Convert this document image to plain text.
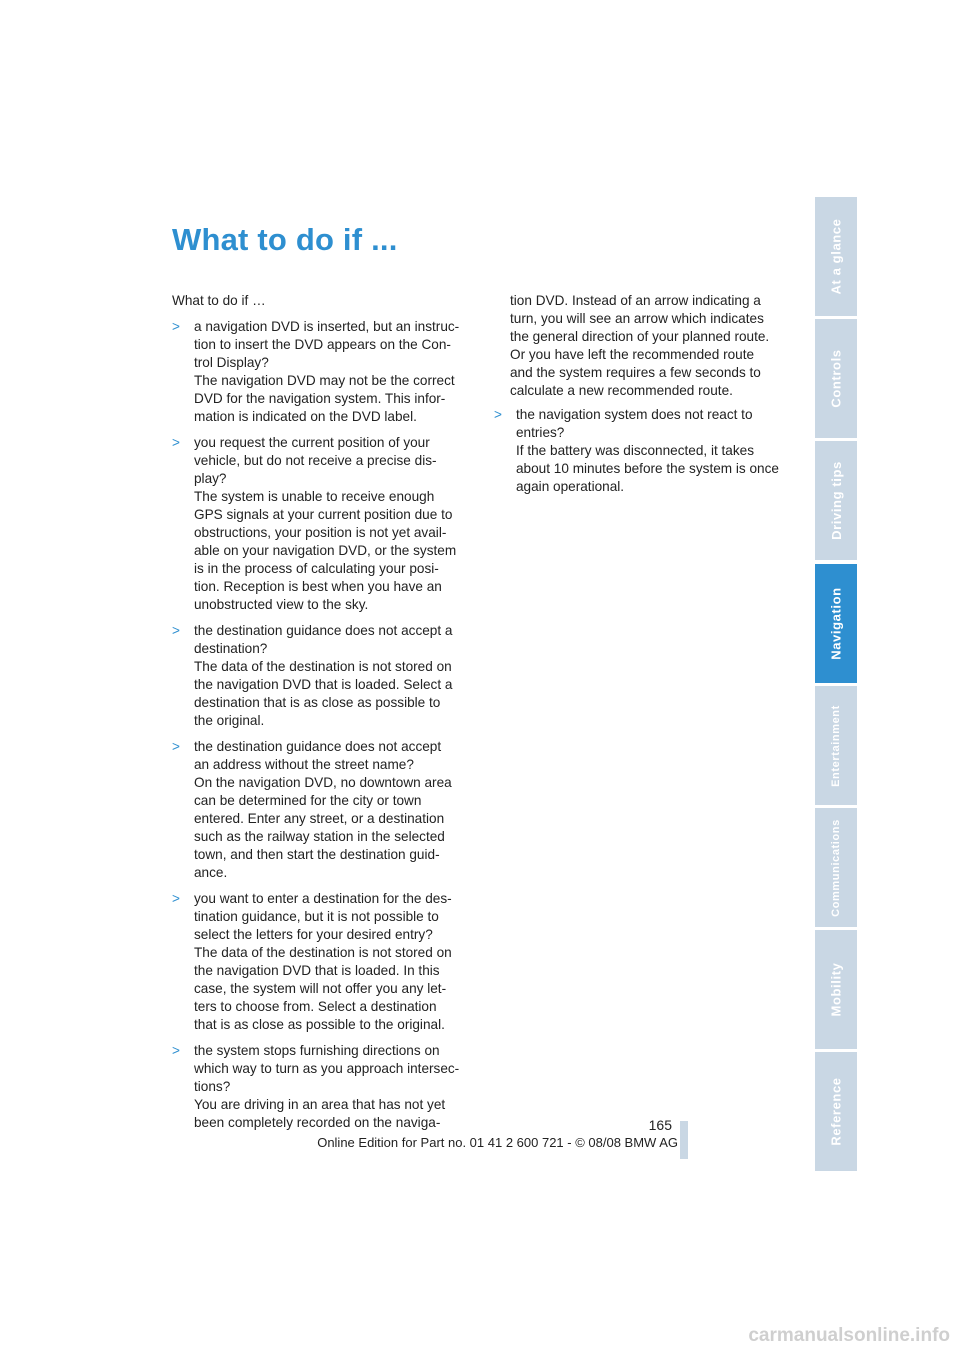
What to do if ...

What to do if …

>	a navigation DVD is inserted, but an instruc-

tion to insert the DVD appears on the Con-

trol Display?

The navigation DVD may not be the correct

DVD for the navigation system. This infor-

mation is indicated on the DVD label.

>	you request the current position of your

vehicle, but do not receive a precise dis-

play?

The system is unable to receive enough

GPS signals at your current position due to

obstructions, your position is not yet avail-

able on your navigation DVD, or the system

is in the process of calculating your posi-

tion. Reception is best when you have an

unobstructed view to the sky.

>	the destination guidance does not accept a

destination?

The data of the destination is not stored on

the navigation DVD that is loaded. Select a

destination that is as close as possible to

the original.

>	the destination guidance does not accept

an address without the street name?

On the navigation DVD, no downtown area

can be determined for the city or town

entered. Enter any street, or a destination

such as the railway station in the selected

town, and then start the destination guid-

ance.

>	you want to enter a destination for the des-

tination guidance, but it is not possible to

select the letters for your desired entry?

The data of the destination is not stored on

the navigation DVD that is loaded. In this

case, the system will not offer you any let-

ters to choose from. Select a destination

that is as close as possible to the original.

>	the system stops furnishing directions on

which way to turn as you approach intersec-

tions?

You are driving in an area that has not yet

been completely recorded on the naviga-

tion DVD. Instead of an arrow indicating a

turn, you will see an arrow which indicates

the general direction of your planned route.

Or you have left the recommended route

and the system requires a few seconds to

calculate a new recommended route.

>	the navigation system does not react to

entries?

If the battery was disconnected, it takes

about 10 minutes before the system is once

again operational.

At a glance
Controls
Driving tips
Navigation
Entertainment
Communications
Mobility
Reference
165
Online Edition for Part no. 01 41 2 600 721 - © 08/08 BMW AG
carmanualsonline.info
